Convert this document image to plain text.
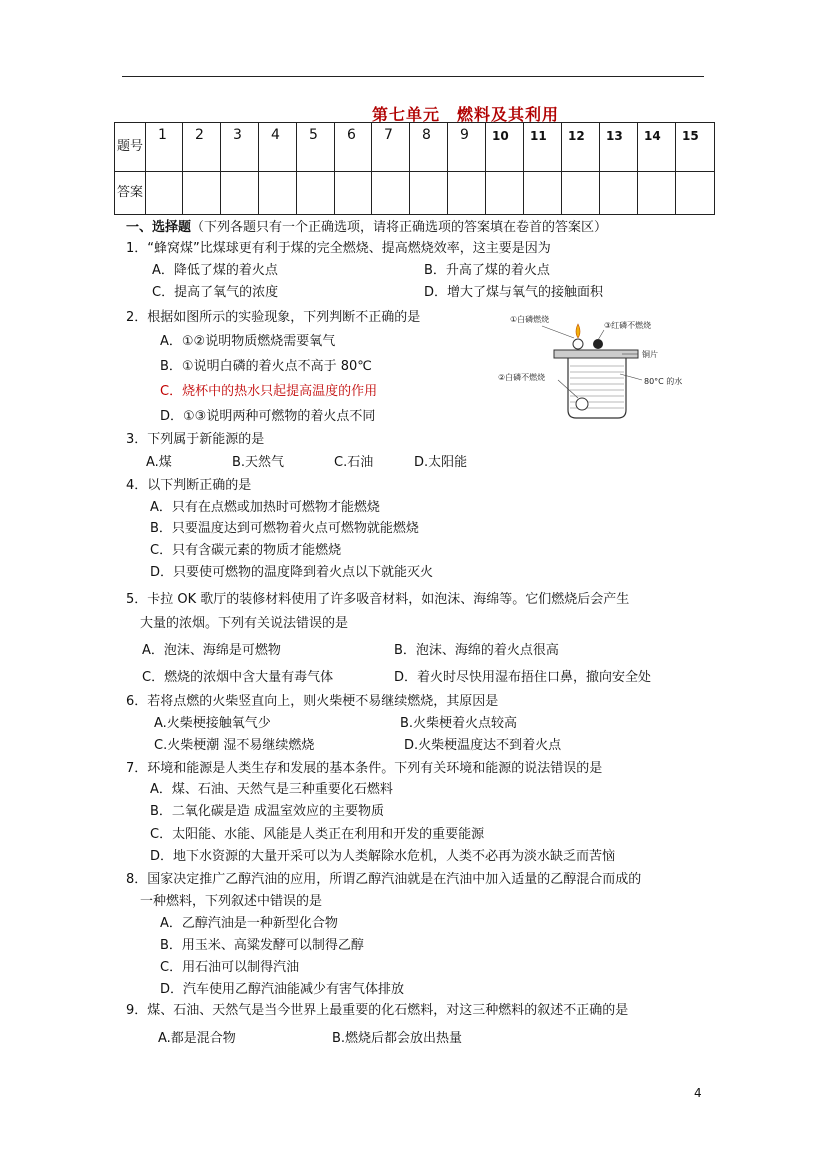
第七单元　燃料及其利用
题号	1	2	3	4	5	6	7	8	9	10	11	12	13	14	15
答案															
一、选择题（下列各题只有一个正确选项，请将正确选项的答案填在卷首的答案区）
1．“蜂窝煤”比煤球更有利于煤的完全燃烧、提高燃烧效率，这主要是因为
A．降低了煤的着火点	B．升高了煤的着火点
C．提高了氧气的浓度	D．增大了煤与氧气的接触面积
2．根据如图所示的实验现象，下列判断不正确的是
A．①②说明物质燃烧需要氧气
B．①说明白磷的着火点不高于 80℃
C．烧杯中的热水只起提高温度的作用
D．①③说明两种可燃物的着火点不同
①白磷燃烧
③红磷不燃烧
铜片
②白磷不燃烧	80°C 的水
3．下列属于新能源的是
A.煤	B.天然气	C.石油	D.太阳能
4．以下判断正确的是
A．只有在点燃或加热时可燃物才能燃烧
B．只要温度达到可燃物着火点可燃物就能燃烧
C．只有含碳元素的物质才能燃烧
D．只要使可燃物的温度降到着火点以下就能灭火
5．卡拉 OK 歌厅的装修材料使用了许多吸音材料，如泡沫、海绵等。它们燃烧后会产生
大量的浓烟。下列有关说法错误的是
A．泡沫、海绵是可燃物	B．泡沫、海绵的着火点很高
C．燃烧的浓烟中含大量有毒气体	D．着火时尽快用湿布捂住口鼻，撤向安全处
6．若将点燃的火柴竖直向上，则火柴梗不易继续燃烧，其原因是
A.火柴梗接触氧气少	B.火柴梗着火点较高
C.火柴梗潮 湿不易继续燃烧	D.火柴梗温度达不到着火点
7．环境和能源是人类生存和发展的基本条件。下列有关环境和能源的说法错误的是
A．煤、石油、天然气是三种重要化石燃料
B．二氧化碳是造 成温室效应的主要物质
C．太阳能、水能、风能是人类正在利用和开发的重要能源
D．地下水资源的大量开采可以为人类解除水危机，人类不必再为淡水缺乏而苦恼
8．国家决定推广乙醇汽油的应用，所谓乙醇汽油就是在汽油中加入适量的乙醇混合而成的
一种燃料，下列叙述中错误的是
A．乙醇汽油是一种新型化合物
B．用玉米、高粱发酵可以制得乙醇
C．用石油可以制得汽油
D．汽车使用乙醇汽油能减少有害气体排放
9．煤、石油、天然气是当今世界上最重要的化石燃料，对这三种燃料的叙述不正确的是
A.都是混合物	B.燃烧后都会放出热量
4
